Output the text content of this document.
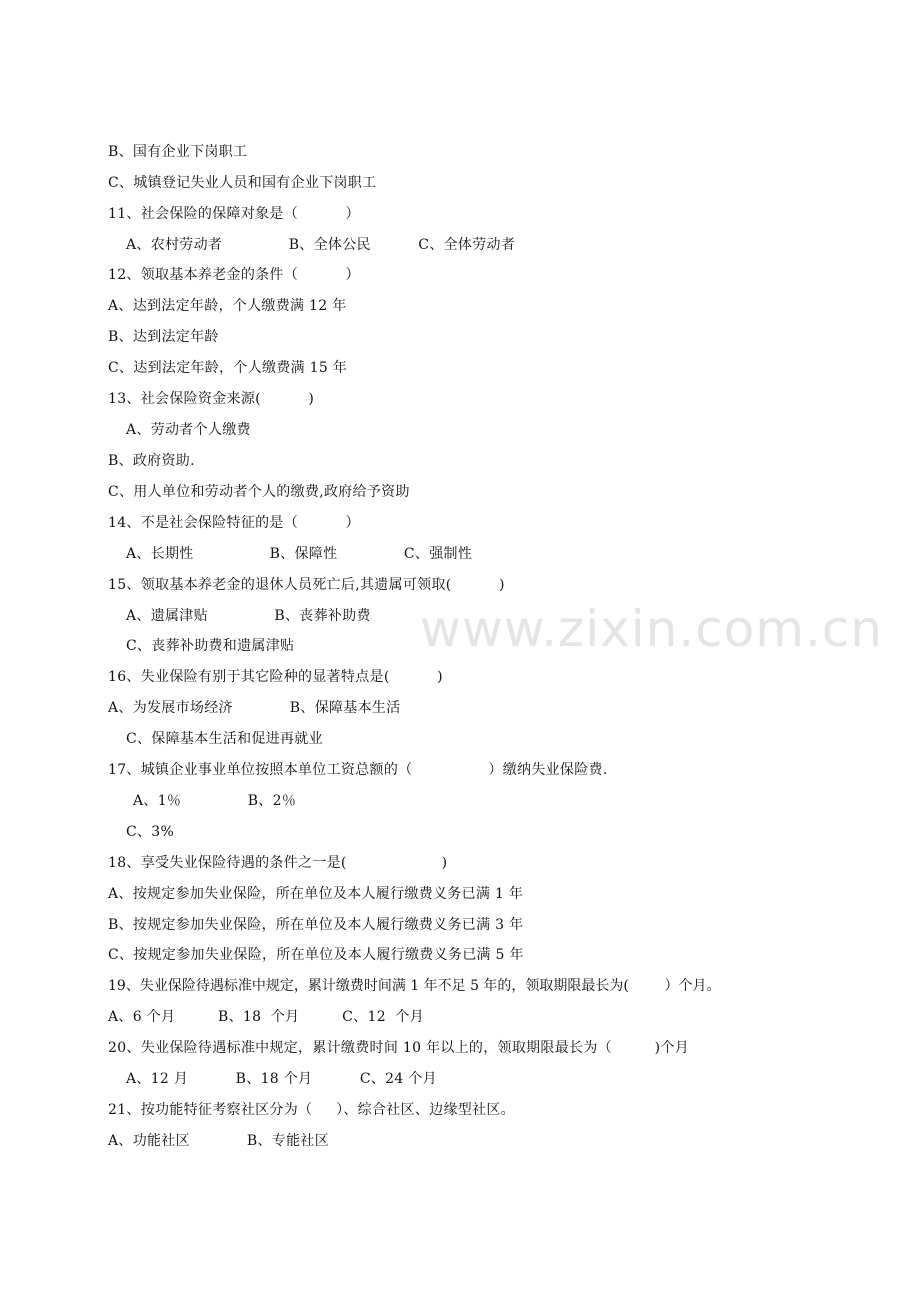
B、国有企业下岗职工
C、城镇登记失业人员和国有企业下岗职工
11、社会保险的保障对象是（          ）
A、农村劳动者              B、全体公民          C、全体劳动者
12、领取基本养老金的条件（          ）
A、达到法定年龄，个人缴费满 12 年
B、达到法定年龄
C、达到法定年龄，个人缴费满 15 年
13、社会保险资金来源(          )
A、劳动者个人缴费
B、政府资助.
C、用人单位和劳动者个人的缴费,政府给予资助
14、不是社会保险特征的是（          ）
A、长期性                B、保障性              C、强制性
15、领取基本养老金的退休人员死亡后,其遗属可领取(          )
A、遗属津贴              B、丧葬补助费
C、丧葬补助费和遗属津贴
16、失业保险有别于其它险种的显著特点是(          )
A、为发展市场经济            B、保障基本生活
C、保障基本生活和促进再就业
17、城镇企业事业单位按照本单位工资总额的（                ）缴纳失业保险费.
A、1％              B、2％
C、3%
18、享受失业保险待遇的条件之一是(                    )
A、按规定参加失业保险，所在单位及本人履行缴费义务已满 1 年
B、按规定参加失业保险，所在单位及本人履行缴费义务已满 3 年
C、按规定参加失业保险，所在单位及本人履行缴费义务已满 5 年
19、失业保险待遇标准中规定，累计缴费时间满 1 年不足 5 年的，领取期限最长为(        ）个月。
A、6 个月         B、18  个月         C、12  个月
20、失业保险待遇标准中规定，累计缴费时间 10 年以上的，领取期限最长为（         )个月
A、12 月          B、18 个月          C、24 个月
21、按功能特征考察社区分为（     ）、综合社区、边缘型社区。
A、功能社区            B、专能社区
www.zixin.com.cn
